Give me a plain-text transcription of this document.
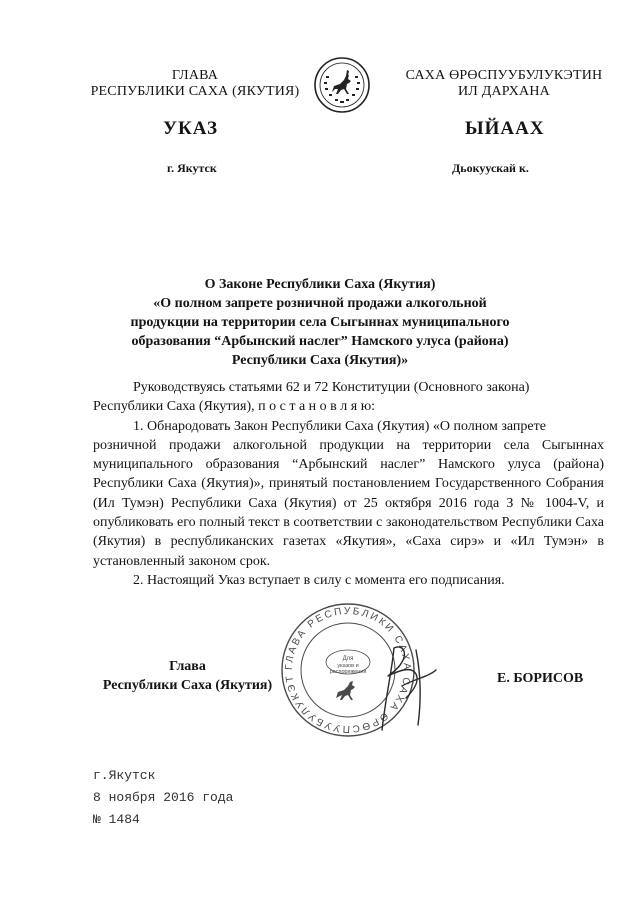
ГЛАВА
РЕСПУБЛИКИ САХА (ЯКУТИЯ)
УКАЗ
г. Якутск
САХА ӨРӨСПУУБУЛУКЭТИН
ИЛ ДАРХАНА
ЫЙААХ
Дьокуускай к.
О Законе Республики Саха (Якутия)
«О полном запрете розничной продажи алкогольной
продукции на территории села Сыгыннах муниципального
образования “Арбынский наслег” Намского улуса (района)
Республики Саха (Якутия)»

Руководствуясь статьями 62 и 72 Конституции (Основного закона)

Республики Саха (Якутия), п о с т а н о в л я ю:

1. Обнародовать Закон Республики Саха (Якутия) «О полном запрете

розничной продажи алкогольной продукции на территории села Сыгыннах муниципального образования “Арбынский наслег” Намского улуса (района) Республики Саха (Якутия)», принятый постановлением Государственного Собрания (Ил Тумэн) Республики Саха (Якутия) от 25 октября 2016 года З № 1004-V, и опубликовать его полный текст в соответствии с законодательством Республики Саха (Якутия) в республиканских газетах «Якутия», «Саха сирэ» и «Ил Тумэн» в установленный законом срок.

2. Настоящий Указ вступает в силу с момента его подписания.

Глава
Республики Саха (Якутия)	Е. БОРИСОВ
ГЛАВА РЕСПУБЛИКИ САХА САХА ӨРӨСПУУБУЛУКЭТ
Для
указов и
распоряжений
г.Якутск
8 ноября 2016 года
№ 1484
